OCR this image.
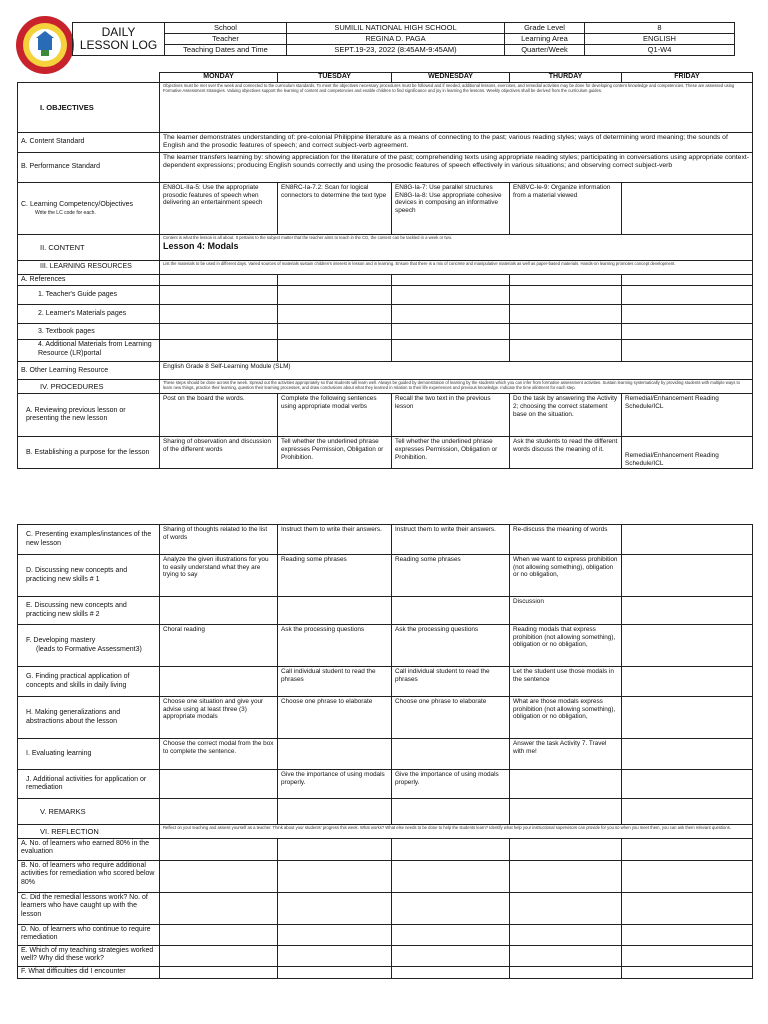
DAILY
LESSON LOG	School	SUMILIL NATIONAL HIGH SCHOOL	Grade Level	8
	Teacher	REGINA D. PAGA	Learning Area	ENGLISH
	Teaching Dates and Time	SEPT.19-23, 2022 (8:45AM-9:45AM)	Quarter/Week	Q1-W4
	MONDAY	TUESDAY	WEDNESDAY	THURDAY	FRIDAY
I. OBJECTIVES	Objectives must be met over the week and connected to the curriculum standards. To meet the objectives necessary procedures must be followed and if needed, additional lessons, exercises, and remedial activities may be done for developing content knowledge and competencies. These are assessed using Formative Assessment strategies. Valuing objectives support the learning of content and competencies and enable children to find significance and joy in learning the lessons. Weekly objectives shall be derived from the curriculum guides.				
A. Content Standard	The learner demonstrates understanding of: pre-colonial Philippine literature as a means of connecting to the past; various reading styles; ways of determining word meaning; the sounds of English and the prosodic features of speech; and correct subject-verb agreement.				
B. Performance Standard	The learner transfers learning by: showing appreciation for the literature of the past; comprehending texts using appropriate reading styles; participating in conversations using appropriate context-dependent expressions; producing English sounds correctly and using the prosodic features of speech effectively in various situations; and observing correct subject-verb				
C. Learning Competency/Objectives
Write the LC code for each.	EN8OL-IIa-5: Use the appropriate prosodic features of speech when delivering an entertainment speech	EN8RC-Ia-7.2: Scan for logical connectors to determine the text type	EN8G-Ia-7: Use parallel structures EN8G-Ia-8: Use appropriate cohesive devices in composing an informative speech	EN8VC-Ie-9: Organize information from a material viewed	
II. CONTENT	Content is what the lesson is all about. It pertains to the subject matter that the teacher aims to teach in the CG, the content can be tackled in a week or two.
Lesson 4: Modals				

III. LEARNING RESOURCES	List the materials to be used in different days. Varied sources of materials sustain children's interest in lesson and in learning. Ensure that there is a mix of concrete and manipulative materials as well as paper-based materials. Hands-on learning promotes concept development.				
A. References					
1. Teacher's Guide pages					
2. Learner's Materials pages					
3. Textbook pages					
4. Additional Materials from Learning Resource (LR)portal					
B. Other Learning Resource	English Grade 8 Self-Learning Module (SLM)				
IV. PROCEDURES	These steps should be done across the week. Spread out the activities appropriately so that students will learn well. Always be guided by demonstration of learning by the students which you can infer from formative assessment activities. Sustain learning systematically by providing students with multiple ways to learn new things, practice their learning, question their learning processes, and draw conclusions about what they learned in relation to their life experiences and previous knowledge. Indicate the time allotment for each step.				
A. Reviewing previous lesson or presenting the new lesson	Post on the board the words.	Complete the following sentences using appropriate modal verbs	Recall the two text in the previous lesson	Do the task by answering the Activity 2; choosing the correct statement base on the situation.	Remedial/Enhancement Reading Schedule/ICL
B. Establishing a purpose for the lesson	Sharing of observation and discussion of the different words	Tell whether the underlined phrase expresses Permission, Obligation or Prohibition.	Tell whether the underlined phrase expresses Permission, Obligation or Prohibition.	Ask the students to read the different words discuss the meaning of it.	Remedial/Enhancement Reading Schedule/ICL
C. Presenting examples/instances of the new lesson	Sharing of thoughts related to the list of words	Instruct them to write their answers.	Instruct them to write their answers.	Re-discuss the meaning of words	
D. Discussing new concepts and practicing new skills # 1	Analyze the given illustrations for you to easily understand what they are trying to say	Reading some phrases	Reading some phrases	When we want to express prohibition (not allowing something), obligation or no obligation,	
E. Discussing new concepts and practicing new skills # 2				Discussion	
F. Developing mastery
(leads to Formative Assessment3)	Choral reading	Ask the processing questions	Ask the processing questions	Reading modals that express prohibition (not allowing something), obligation or no obligation,	
G. Finding practical application of concepts and skills in daily living		Call individual student to read the phrases	Call individual student to read the phrases	Let the student use those modals in the sentence	
H. Making generalizations and abstractions about the lesson	Choose one situation and give your advise using at least three (3) appropriate modals	Choose one phrase to elaborate	Choose one phrase to elaborate	What are those modals express prohibition (not allowing something), obligation or no obligation,	
I. Evaluating learning	Choose the correct modal from the box to complete the sentence.			Answer the task Activity 7. Travel with me!	
J. Additional activities for application or remediation		Give the importance of using modals properly.	Give the importance of using modals properly.		
V. REMARKS					
VI. REFLECTION	Reflect on your teaching and assess yourself as a teacher. Think about your students' progress this week. What works? What else needs to be done to help the students learn? Identify what help your instructional supervisors can provide for you so when you meet them, you can ask them relevant questions.				
A. No. of learners who earned 80% in the evaluation					
B. No. of learners who require additional activities for remediation who scored below 80%					
C. Did the remedial lessons work? No. of learners who have caught up with the lesson					
D. No. of learners who continue to require remediation					
E. Which of my teaching strategies worked well? Why did these work?					
F. What difficulties did I encounter					
